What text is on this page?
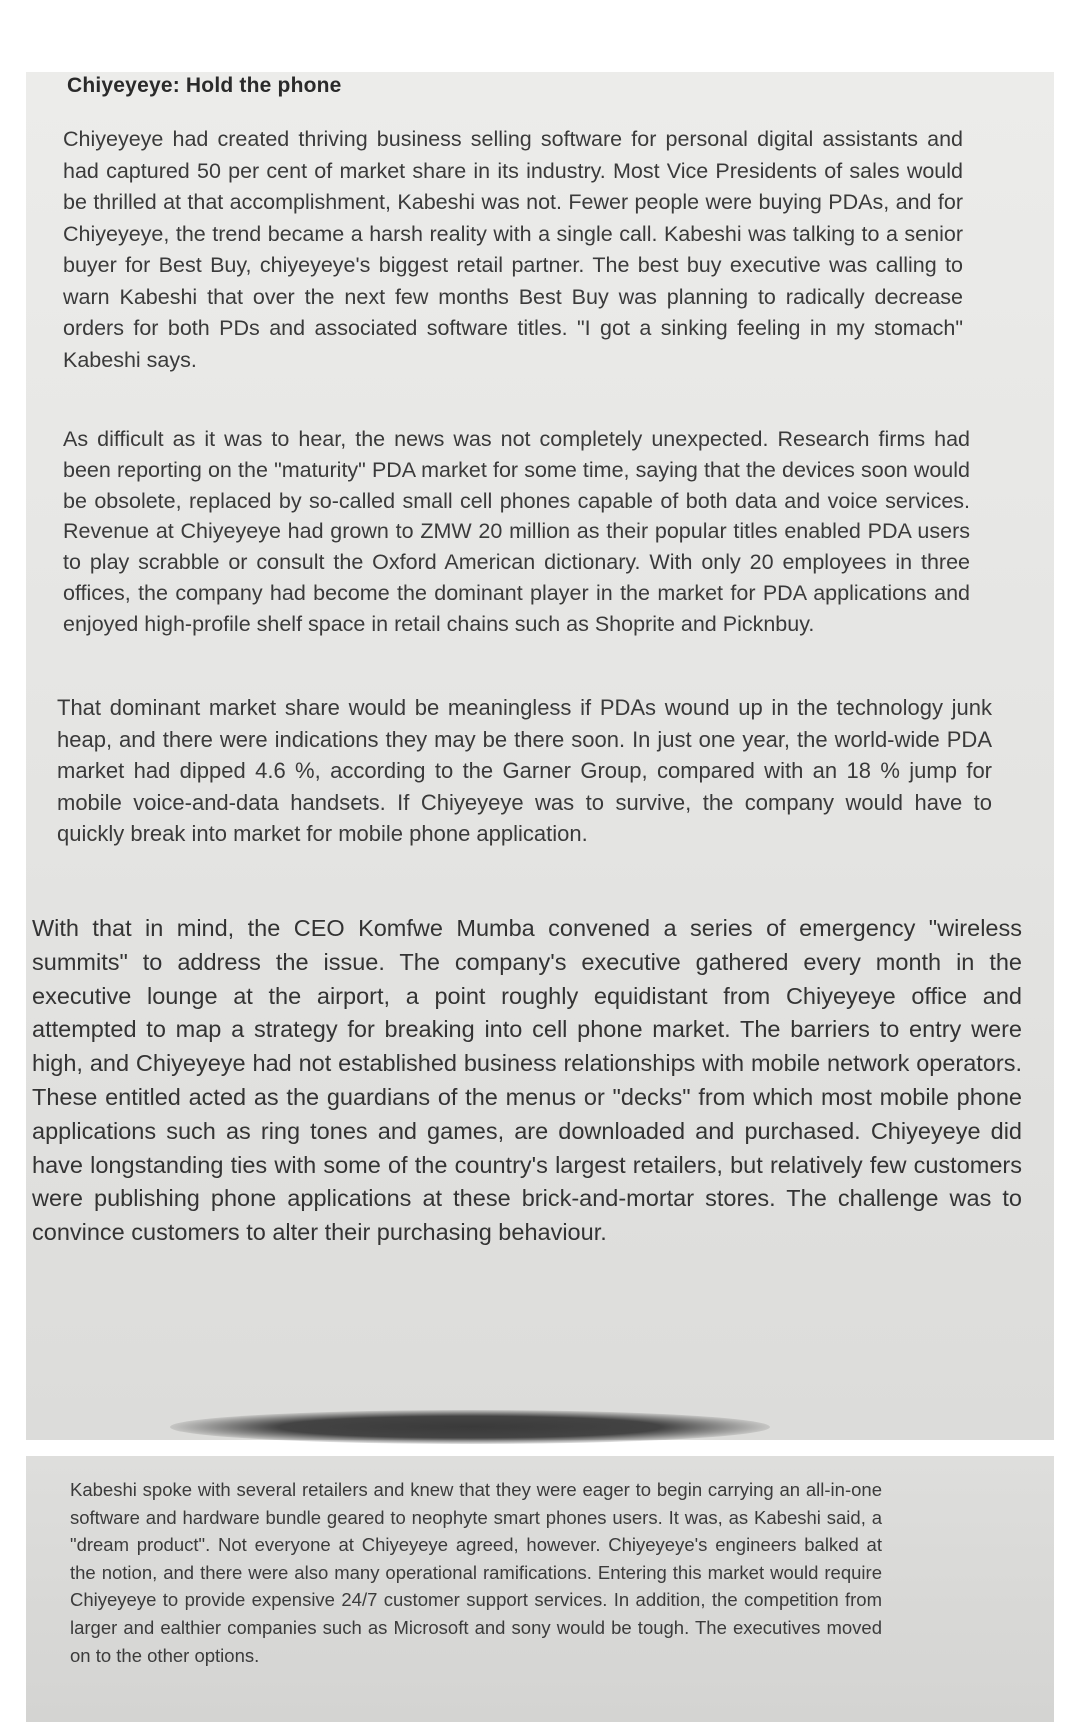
Chiyeyeye: Hold the phone

Chiyeyeye had created thriving business selling software for personal digital assistants and had captured 50 per cent of market share in its industry. Most Vice Presidents of sales would be thrilled at that accomplishment, Kabeshi was not. Fewer people were buying PDAs, and for Chiyeyeye, the trend became a harsh reality with a single call. Kabeshi was talking to a senior buyer for Best Buy, chiyeyeye's biggest retail partner. The best buy executive was calling to warn Kabeshi that over the next few months Best Buy was planning to radically decrease orders for both PDs and associated software titles. "I got a sinking feeling in my stomach" Kabeshi says.

As difficult as it was to hear, the news was not completely unexpected. Research firms had been reporting on the "maturity" PDA market for some time, saying that the devices soon would be obsolete, replaced by so-called small cell phones capable of both data and voice services. Revenue at Chiyeyeye had grown to ZMW 20 million as their popular titles enabled PDA users to play scrabble or consult the Oxford American dictionary. With only 20 employees in three offices, the company had become the dominant player in the market for PDA applications and enjoyed high-profile shelf space in retail chains such as Shoprite and Picknbuy.

That dominant market share would be meaningless if PDAs wound up in the technology junk heap, and there were indications they may be there soon. In just one year, the world-wide PDA market had dipped 4.6 %, according to the Garner Group, compared with an 18 % jump for mobile voice-and-data handsets. If Chiyeyeye was to survive, the company would have to quickly break into market for mobile phone application.

With that in mind, the CEO Komfwe Mumba convened a series of emergency "wireless summits" to address the issue. The company's executive gathered every month in the executive lounge at the airport, a point roughly equidistant from Chiyeyeye office and attempted to map a strategy for breaking into cell phone market. The barriers to entry were high, and Chiyeyeye had not established business relationships with mobile network operators. These entitled acted as the guardians of the menus or "decks" from which most mobile phone applications such as ring tones and games, are downloaded and purchased. Chiyeyeye did have longstanding ties with some of the country's largest retailers, but relatively few customers were publishing phone applications at these brick-and-mortar stores. The challenge was to convince customers to alter their purchasing behaviour.

Kabeshi spoke with several retailers and knew that they were eager to begin carrying an all-in-one software and hardware bundle geared to neophyte smart phones users. It was, as Kabeshi said, a "dream product". Not everyone at Chiyeyeye agreed, however. Chiyeyeye's engineers balked at the notion, and there were also many operational ramifications. Entering this market would require Chiyeyeye to provide expensive 24/7 customer support services. In addition, the competition from larger and ealthier companies such as Microsoft and sony would be tough. The executives moved on to the other options.
